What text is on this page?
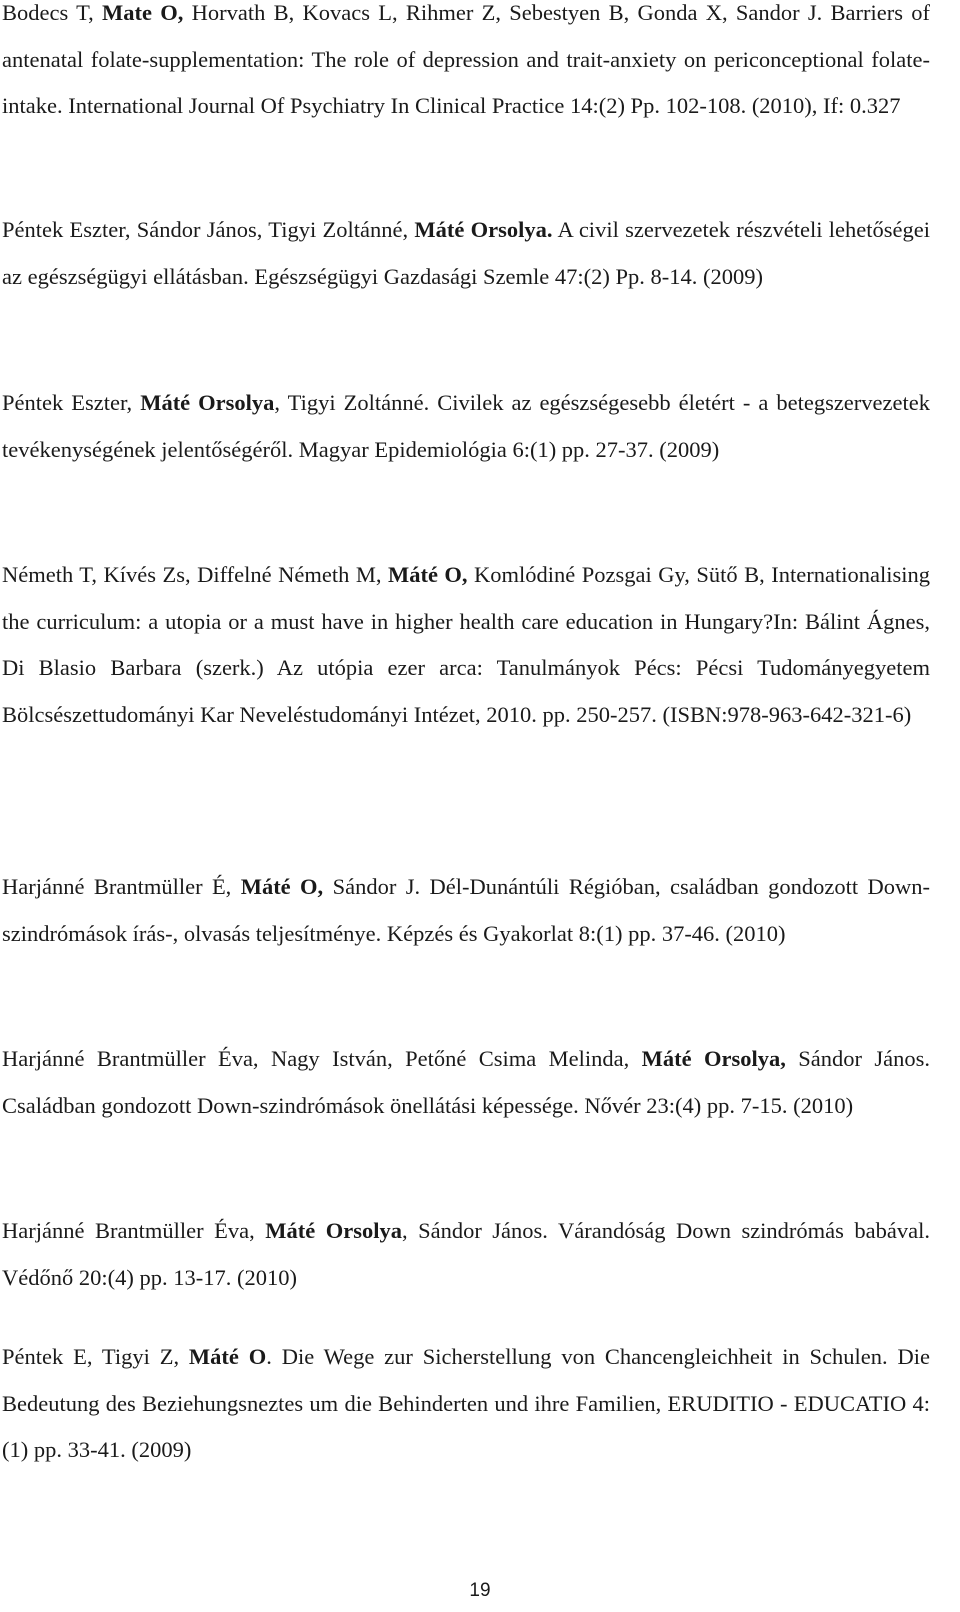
Bodecs T, Mate O, Horvath B, Kovacs L, Rihmer Z, Sebestyen B, Gonda X, Sandor J. Barriers of antenatal folate-supplementation: The role of depression and trait-anxiety on periconceptional folate-intake. International Journal Of Psychiatry In Clinical Practice 14:(2) Pp. 102-108. (2010), If: 0.327

Péntek Eszter, Sándor János, Tigyi Zoltánné, Máté Orsolya. A civil szervezetek részvételi lehetőségei az egészségügyi ellátásban. Egészségügyi Gazdasági Szemle 47:(2) Pp. 8-14. (2009)

Péntek Eszter, Máté Orsolya, Tigyi Zoltánné. Civilek az egészségesebb életért - a betegszervezetek tevékenységének jelentőségéről. Magyar Epidemiológia 6:(1) pp. 27-37. (2009)

Németh T, Kívés Zs, Diffelné Németh M, Máté O, Komlódiné Pozsgai Gy, Sütő B, Internationalising the curriculum: a utopia or a must have in higher health care education in Hungary?In: Bálint Ágnes, Di Blasio Barbara (szerk.) Az utópia ezer arca: Tanulmányok Pécs: Pécsi Tudományegyetem Bölcsészettudományi Kar Neveléstudományi Intézet, 2010. pp. 250-257. (ISBN:978-963-642-321-6)

Harjánné Brantmüller É, Máté O, Sándor J. Dél-Dunántúli Régióban, családban gondozott Down-szindrómások írás-, olvasás teljesítménye. Képzés és Gyakorlat 8:(1) pp. 37-46. (2010)

Harjánné Brantmüller Éva, Nagy István, Petőné Csima Melinda, Máté Orsolya, Sándor János. Családban gondozott Down-szindrómások önellátási képessége. Nővér 23:(4) pp. 7-15. (2010)

Harjánné Brantmüller Éva, Máté Orsolya, Sándor János. Várandóság Down szindrómás babával. Védőnő 20:(4) pp. 13-17. (2010)

Péntek E, Tigyi Z, Máté O. Die Wege zur Sicherstellung von Chancengleichheit in Schulen. Die Bedeutung des Beziehungsneztes um die Behinderten und ihre Familien, ERUDITIO - EDUCATIO 4:(1) pp. 33-41. (2009)

19
